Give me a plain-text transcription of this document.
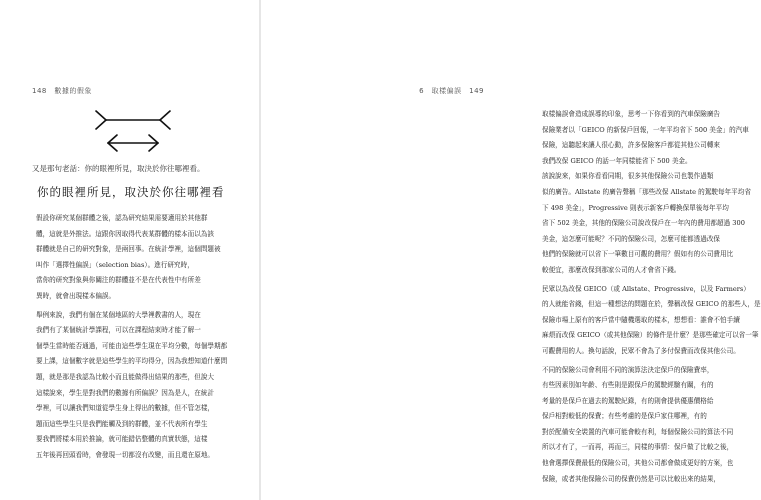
148　數據的假象
又是那句老話：你的眼裡所見，取決於你往哪裡看。
你的眼裡所見，取決於你往哪裡看
假設你研究某個群體之後，認為研究結果需要適用於其他群
體，這就是外推法。這跟你因取得代表某群體的樣本而以為該
群體就是自己的研究對象，是兩回事。在統計學裡，這個問題被
叫作「選擇性偏誤」（selection bias）。進行研究時，
當你的研究對象與你關注的群體並不是在代表性中有所差
異時，就會出現樣本偏誤。
舉例來說，我們有個在某個地區的大學裡教書的人，現在
我們有了某個統計學課程，可以在課程結束時才能了解一
個學生當時能否通過，可能由這些學生現在平均分數，每個學期都
要上課，這個數字就是這些學生的平均得分，因為我想知道什麼問
題，就是那是我認為比較小而且能做得出結果的那些，但說大
這樣說來，學生是對我們的數據有所偏誤？因為是人，在統計
學裡，可以讓我們知道從學生身上得出的數據，但不管怎樣，
題而這些學生只是我們能觸及到的群體，並不代表所有學生
要我們將樣本用於推論，就可能錯估整體的真實狀態，這樣
五年後再回頭看時，會發現一切都沒有改變，而且還在原地。
6　取樣偏誤　149
取樣偏誤會造成誤導的印象，思考一下你看到的汽車保險廣告
保險業者以「GEICO 的新保戶回報，一年平均省下 500 美金」的汽車
保險，這聽起來讓人很心動，許多保險客戶都從其他公司轉來
我們改保 GEICO 的話一年同樣能省下 500 美金。
該說說來，如果你看看同期，很多其他保險公司也製作過類
似的廣告。Allstate 的廣告聲稱「那些改保 Allstate 的駕駛每年平均省
下 498 美金」，Progressive 則表示新客戶轉換保單後每年平均
省下 502 美金，其他的保險公司說改保戶在一年內的費用都超過 300
美金，這怎麼可能呢？不同的保險公司，怎麼可能都透過改保
他們的保險就可以省下一筆數目可觀的費用？假如有的公司費用比
較便宜，那麼改保到那家公司的人才會省下錢。
民眾以為改保 GEICO（或 Allstate、Progressive，以及 Farmers）
的人就能省錢，但這一種想法的問題在於，聲稱改保 GEICO 的那些人，是
保險市場上原有的客戶當中隨機選取的樣本，想想看：誰會不怕手續
麻煩而改保 GEICO（或其他保險）的條件是什麼？是那些確定可以省一筆
可觀費用的人。換句話說，民眾不會為了多付保費而改保其他公司。
不同的保險公司會利用不同的演算法決定保戶的保險費率，
有些因素別如年齡、有些則是跟保戶的駕駛經驗有關，有的
考量的是保戶在過去的駕駛紀錄，有的則會提供優惠價格給
保戶相對較低的保費；有些考慮的是保戶家住哪裡，有的
對於配備安全裝置的汽車可能會較有利，每個保險公司的算法不同
所以才有了，一而再，再而三，同樣的事情：保戶做了比較之後，
他會選擇保費最低的保險公司，其他公司都會做成更好的方案，也
保險，或者其他保險公司的保費仍然是可以比較出來的結果，
